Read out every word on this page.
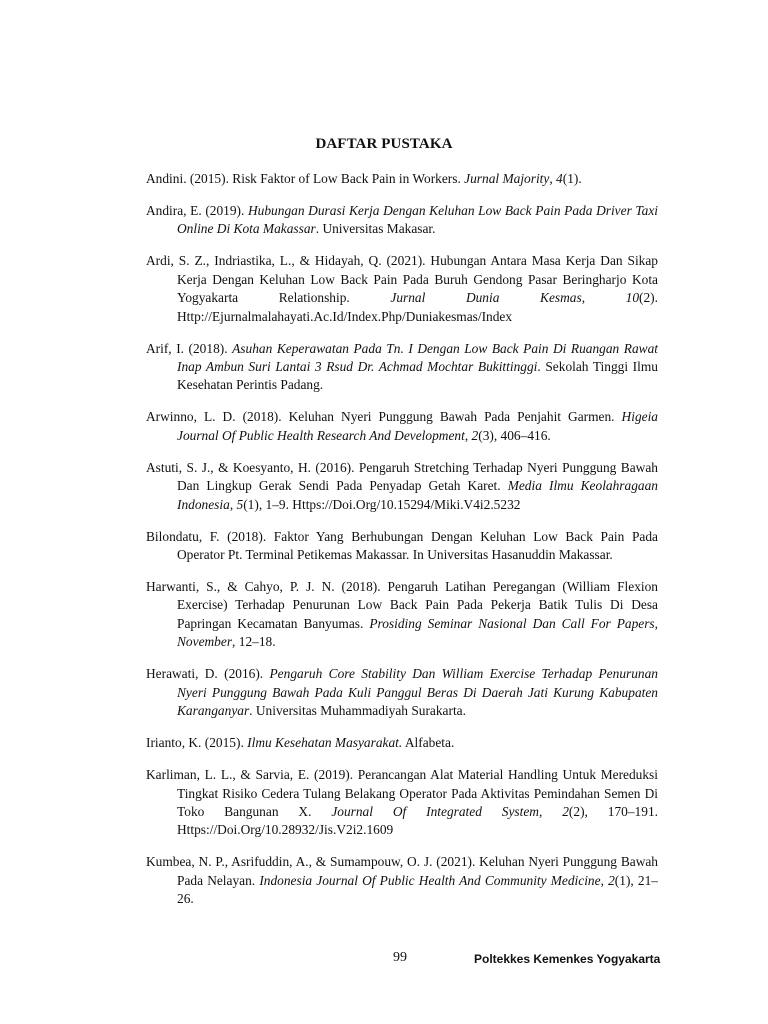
DAFTAR PUSTAKA
Andini. (2015). Risk Faktor of Low Back Pain in Workers. Jurnal Majority, 4(1).
Andira, E. (2019). Hubungan Durasi Kerja Dengan Keluhan Low Back Pain Pada Driver Taxi Online Di Kota Makassar. Universitas Makasar.
Ardi, S. Z., Indriastika, L., & Hidayah, Q. (2021). Hubungan Antara Masa Kerja Dan Sikap Kerja Dengan Keluhan Low Back Pain Pada Buruh Gendong Pasar Beringharjo Kota Yogyakarta Relationship. Jurnal Dunia Kesmas, 10(2). Http://Ejurnalmalahayati.Ac.Id/Index.Php/Duniakesmas/Index
Arif, I. (2018). Asuhan Keperawatan Pada Tn. I Dengan Low Back Pain Di Ruangan Rawat Inap Ambun Suri Lantai 3 Rsud Dr. Achmad Mochtar Bukittinggi. Sekolah Tinggi Ilmu Kesehatan Perintis Padang.
Arwinno, L. D. (2018). Keluhan Nyeri Punggung Bawah Pada Penjahit Garmen. Higeia Journal Of Public Health Research And Development, 2(3), 406–416.
Astuti, S. J., & Koesyanto, H. (2016). Pengaruh Stretching Terhadap Nyeri Punggung Bawah Dan Lingkup Gerak Sendi Pada Penyadap Getah Karet. Media Ilmu Keolahragaan Indonesia, 5(1), 1–9. Https://Doi.Org/10.15294/Miki.V4i2.5232
Bilondatu, F. (2018). Faktor Yang Berhubungan Dengan Keluhan Low Back Pain Pada Operator Pt. Terminal Petikemas Makassar. In Universitas Hasanuddin Makassar.
Harwanti, S., & Cahyo, P. J. N. (2018). Pengaruh Latihan Peregangan (William Flexion Exercise) Terhadap Penurunan Low Back Pain Pada Pekerja Batik Tulis Di Desa Papringan Kecamatan Banyumas. Prosiding Seminar Nasional Dan Call For Papers, November, 12–18.
Herawati, D. (2016). Pengaruh Core Stability Dan William Exercise Terhadap Penurunan Nyeri Punggung Bawah Pada Kuli Panggul Beras Di Daerah Jati Kurung Kabupaten Karanganyar. Universitas Muhammadiyah Surakarta.
Irianto, K. (2015). Ilmu Kesehatan Masyarakat. Alfabeta.
Karliman, L. L., & Sarvia, E. (2019). Perancangan Alat Material Handling Untuk Mereduksi Tingkat Risiko Cedera Tulang Belakang Operator Pada Aktivitas Pemindahan Semen Di Toko Bangunan X. Journal Of Integrated System, 2(2), 170–191. Https://Doi.Org/10.28932/Jis.V2i2.1609
Kumbea, N. P., Asrifuddin, A., & Sumampouw, O. J. (2021). Keluhan Nyeri Punggung Bawah Pada Nelayan. Indonesia Journal Of Public Health And Community Medicine, 2(1), 21–26.
99	Poltekkes Kemenkes Yogyakarta
